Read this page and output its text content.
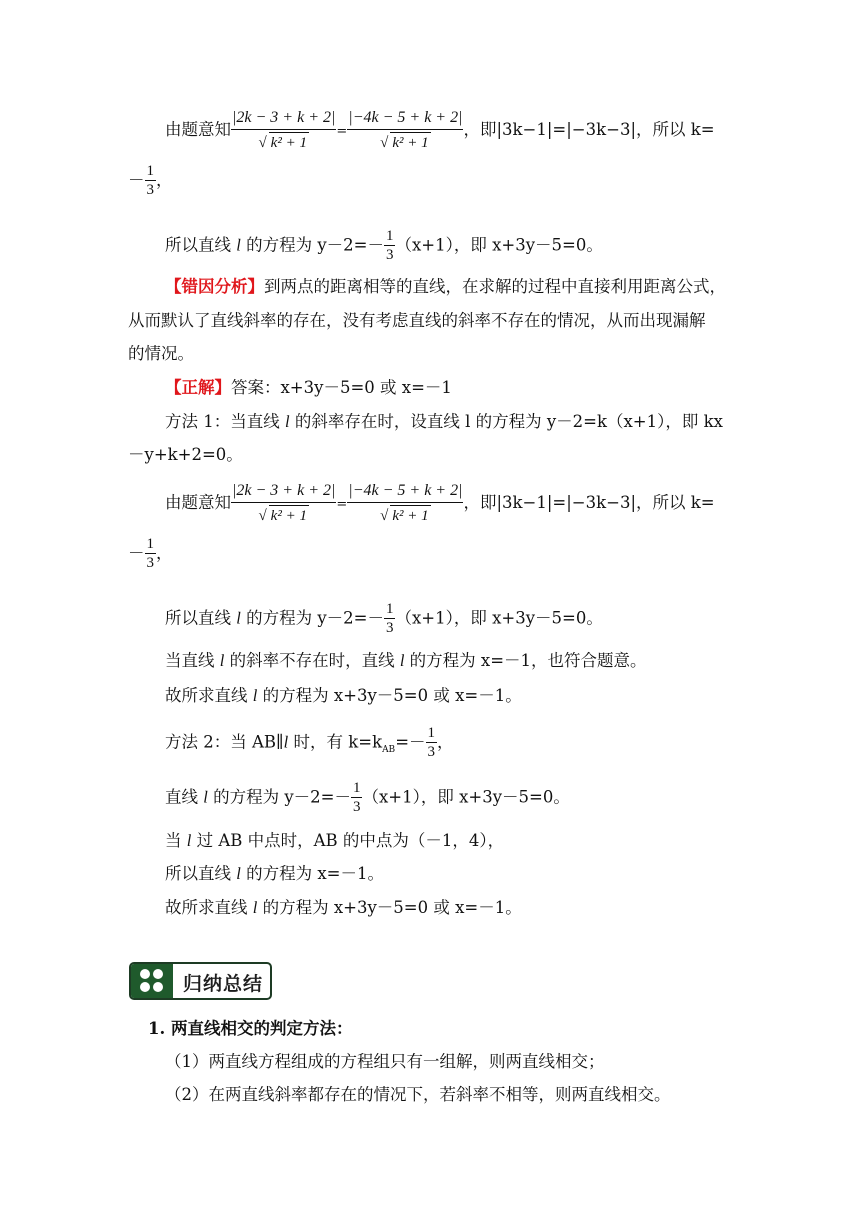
由题意知 $\frac{|2k - 3 + k + 2|}{\text{√ k² + 1}} = \frac{|-4k - 5 + k + 2|}{\text{√ k² + 1}}$ ，即|3k−1|=|−3k−3|，所以 k=
－ $\frac{1}{3}$ ，
所以直线 l 的方程为 $y-2=- \frac{1}{3} (x+1)$，即 x+3y－5=0。
【错因分析】到两点的距离相等的直线，在求解的过程中直接利用距离公式，
从而默认了直线斜率的存在，没有考虑直线的斜率不存在的情况，从而出现漏解
的情况。
【正解】答案：x+3y－5=0 或 x=－1
方法 1：当直线 l 的斜率存在时，设直线 l 的方程为 y－2=k（x+1），即 kx
－y+k+2=0。
由题意知 $\frac{|2k - 3 + k + 2|}{\text{√ k² + 1}} = \frac{|-4k - 5 + k + 2|}{\text{√ k² + 1}}$ ，即|3k−1|=|−3k−3|，所以 k=
－ $\frac{1}{3}$ ，
所以直线 l 的方程为 $y-2=- \frac{1}{3} (x+1)$，即 x+3y－5=0。
当直线 l 的斜率不存在时，直线 l 的方程为 x=－1，也符合题意。
故所求直线 l 的方程为 x+3y－5=0 或 x=－1。
方法 2：当 AB∥l 时，有 $k=k_{AB}=- \frac{1}{3}$ ，
直线 l 的方程为 $y-2=- \frac{1}{3} (x+1)$，即 x+3y－5=0。
当 l 过 AB 中点时，AB 的中点为（－1，4），
所以直线 l 的方程为 x=－1。
故所求直线 l 的方程为 x+3y－5=0 或 x=－1。
归纳总结
1. 两直线相交的判定方法：
（1）两直线方程组成的方程组只有一组解，则两直线相交；
（2）在两直线斜率都存在的情况下，若斜率不相等，则两直线相交。
